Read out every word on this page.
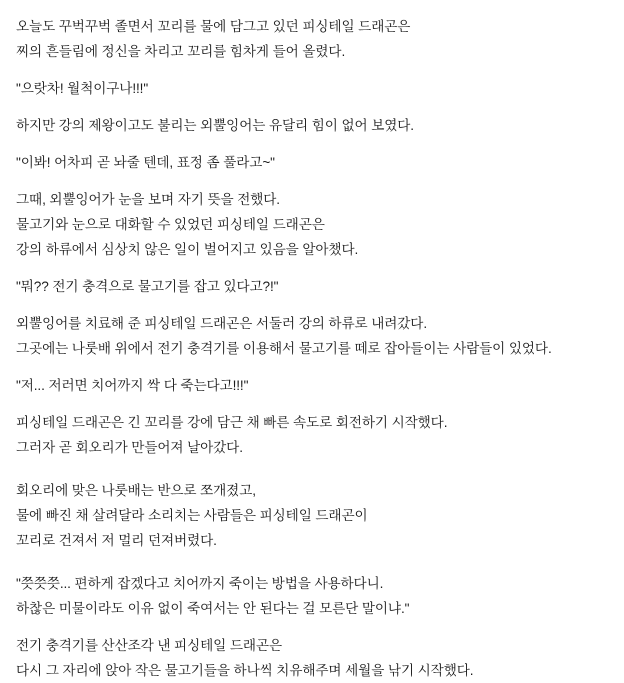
오늘도 꾸벅꾸벅 졸면서 꼬리를 물에 담그고 있던 피싱테일 드래곤은
찌의 흔들림에 정신을 차리고 꼬리를 힘차게 들어 올렸다.
"으랏차! 월척이구나!!!"
하지만 강의 제왕이고도 불리는 외뿔잉어는 유달리 힘이 없어 보였다.
"이봐! 어차피 곧 놔줄 텐데, 표정 좀 풀라고~"
그때, 외뿔잉어가 눈을 보며 자기 뜻을 전했다.
물고기와 눈으로 대화할 수 있었던 피싱테일 드래곤은
강의 하류에서 심상치 않은 일이 벌어지고 있음을 알아챘다.
"뭐?? 전기 충격으로 물고기를 잡고 있다고?!"
외뿔잉어를 치료해 준 피싱테일 드래곤은 서둘러 강의 하류로 내려갔다.
그곳에는 나룻배 위에서 전기 충격기를 이용해서 물고기를 떼로 잡아들이는 사람들이 있었다.
"저... 저러면 치어까지 싹 다 죽는다고!!!"
피싱테일 드래곤은 긴 꼬리를 강에 담근 채 빠른 속도로 회전하기 시작했다.
그러자 곧 회오리가 만들어져 날아갔다.
회오리에 맞은 나룻배는 반으로 쪼개졌고,
물에 빠진 채 살려달라 소리치는 사람들은 피싱테일 드래곤이
꼬리로 건져서 저 멀리 던져버렸다.
"쯧쯧쯧... 편하게 잡겠다고 치어까지 죽이는 방법을 사용하다니.
하찮은 미물이라도 이유 없이 죽여서는 안 된다는 걸 모른단 말이냐."
전기 충격기를 산산조각 낸 피싱테일 드래곤은
다시 그 자리에 앉아 작은 물고기들을 하나씩 치유해주며 세월을 낚기 시작했다.
